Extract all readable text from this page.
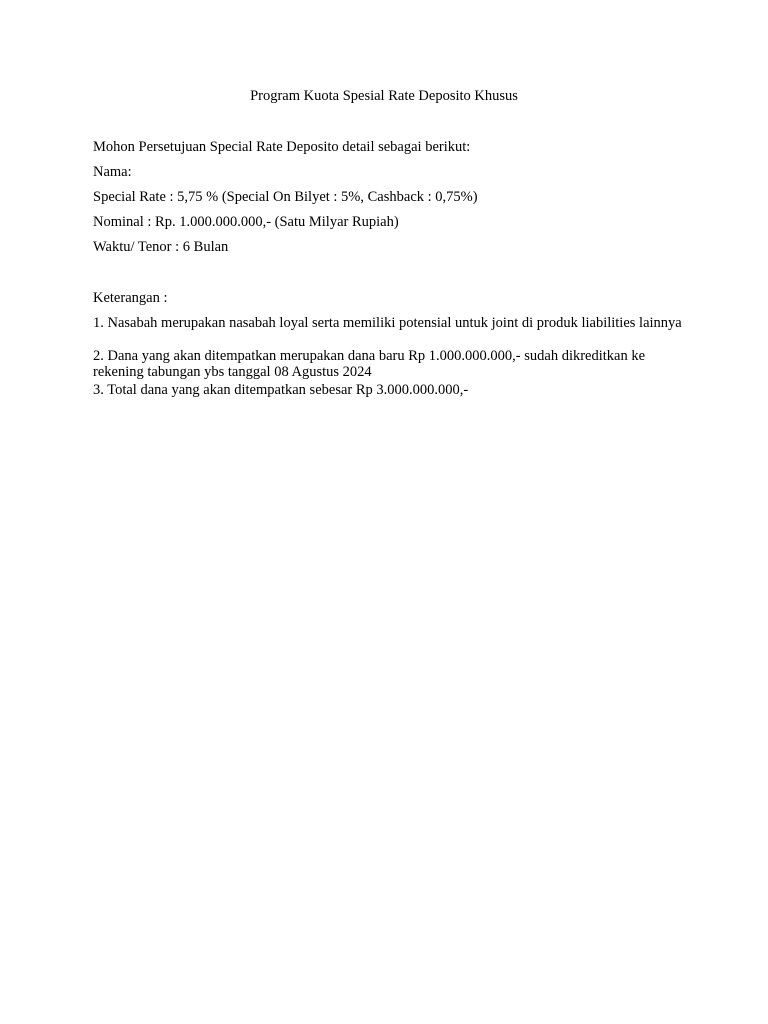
Program Kuota Spesial Rate Deposito Khusus
Mohon Persetujuan Special Rate Deposito detail sebagai berikut:
Nama:
Special Rate : 5,75 % (Special On Bilyet : 5%, Cashback : 0,75%)
Nominal : Rp. 1.000.000.000,- (Satu Milyar Rupiah)
Waktu/ Tenor : 6 Bulan
Keterangan :
1. Nasabah merupakan nasabah loyal serta memiliki potensial untuk joint di produk liabilities lainnya
2. Dana yang akan ditempatkan merupakan dana baru Rp 1.000.000.000,- sudah dikreditkan ke rekening tabungan ybs tanggal 08 Agustus 2024
3. Total dana yang akan ditempatkan sebesar Rp 3.000.000.000,-
